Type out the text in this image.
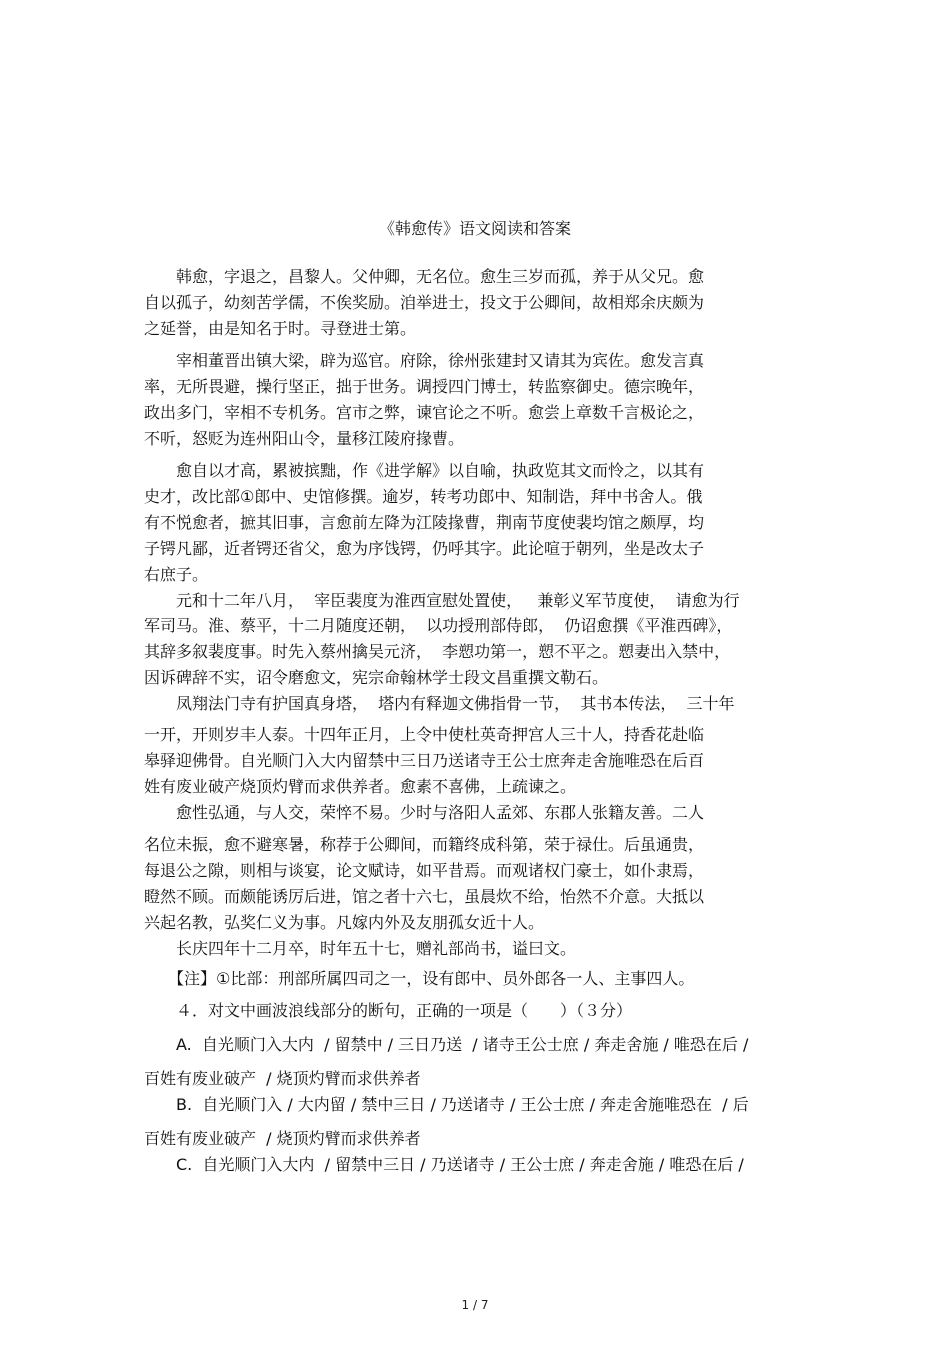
《韩愈传》语文阅读和答案
　　韩愈，字退之，昌黎人。父仲卿，无名位。愈生三岁而孤，养于从父兄。愈
自以孤子，幼刻苦学儒，不俟奖励。洎举进士，投文于公卿间，故相郑余庆颇为
之延誉，由是知名于时。寻登进士第。
　　宰相董晋出镇大梁，辟为巡官。府除，徐州张建封又请其为宾佐。愈发言真
率，无所畏避，操行坚正，拙于世务。调授四门博士，转监察御史。德宗晚年，
政出多门，宰相不专机务。宫市之弊，谏官论之不听。愈尝上章数千言极论之，
不听，怒贬为连州阳山令，量移江陵府掾曹。
　　愈自以才高，累被摈黜，作《进学解》以自喻，执政览其文而怜之，以其有
史才，改比部①郎中、史馆修撰。逾岁，转考功郎中、知制诰，拜中书舍人。俄
有不悦愈者，摭其旧事，言愈前左降为江陵掾曹，荆南节度使裴均馆之颇厚，均
子锷凡鄙，近者锷还省父，愈为序饯锷，仍呼其字。此论喧于朝列，坐是改太子
右庶子。
　　元和十二年八月，  宰臣裴度为淮西宣慰处置使，   兼彰义军节度使，  请愈为行
军司马。淮、蔡平，十二月随度还朝，  以功授刑部侍郎，  仍诏愈撰《平淮西碑》，
其辞多叙裴度事。时先入蔡州擒吴元济，  李愬功第一，愬不平之。愬妻出入禁中，
因诉碑辞不实，诏令磨愈文，宪宗命翰林学士段文昌重撰文勒石。
　　凤翔法门寺有护国真身塔，  塔内有释迦文佛指骨一节，  其书本传法，  三十年
一开，开则岁丰人泰。十四年正月，上令中使杜英奇押宫人三十人，持香花赴临
皋驿迎佛骨。自光顺门入大内留禁中三日乃送诸寺王公士庶奔走舍施唯恐在后百
姓有废业破产烧顶灼臂而求供养者。愈素不喜佛，上疏谏之。
　　愈性弘通，与人交，荣悴不易。少时与洛阳人孟郊、东郡人张籍友善。二人
名位未振，愈不避寒暑，称荐于公卿间，而籍终成科第，荣于禄仕。后虽通贵，
每退公之隙，则相与谈宴，论文赋诗，如平昔焉。而观诸权门豪士，如仆隶焉，
瞪然不顾。而颇能诱厉后进，馆之者十六七，虽晨炊不给，怡然不介意。大抵以
兴起名教，弘奖仁义为事。凡嫁内外及友朋孤女近十人。
　　长庆四年十二月卒，时年五十七，赠礼部尚书，谥曰文。
　　【注】①比部：刑部所属四司之一，设有郎中、员外郎各一人、主事四人。
　　４．对文中画波浪线部分的断句，正确的一项是（　　）（３分）
　　A.  自光顺门入大内  / 留禁中 / 三日乃送  / 诸寺王公士庶 / 奔走舍施 / 唯恐在后 /
百姓有废业破产  / 烧顶灼臂而求供养者
　　B.  自光顺门入 / 大内留 / 禁中三日 / 乃送诸寺 / 王公士庶 / 奔走舍施唯恐在  / 后
百姓有废业破产  / 烧顶灼臂而求供养者
　　C.  自光顺门入大内  / 留禁中三日 / 乃送诸寺 / 王公士庶 / 奔走舍施 / 唯恐在后 /
1 / 7
